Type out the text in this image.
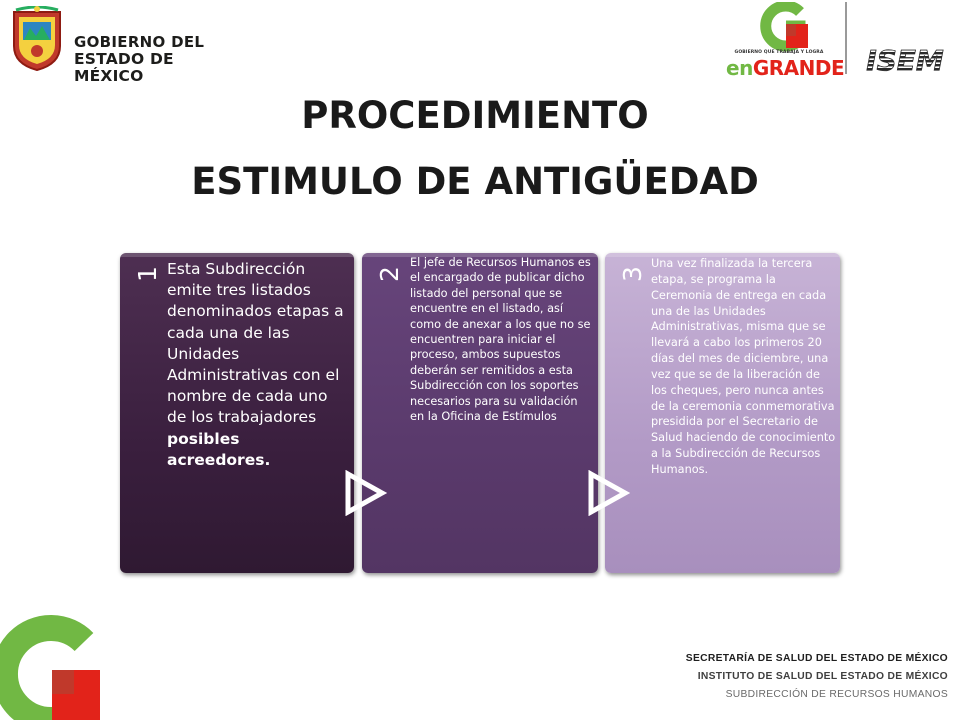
GOBIERNO DEL
ESTADO DE MÉXICO
GOBIERNO QUE TRABAJA Y LOGRA
enGRANDE ISEM
PROCEDIMIENTO
ESTIMULO DE ANTIGÜEDAD
1	2	3
Esta Subdirección emite tres listados denominados etapas a cada una de las Unidades Administrativas con el nombre de cada uno de los trabajadores posibles acreedores.
El jefe de Recursos Humanos es el encargado de publicar dicho listado del personal que se encuentre en el listado, así como de anexar a los que no se encuentren para iniciar el proceso, ambos supuestos deberán ser remitidos a esta Subdirección con los soportes necesarios para su validación en la Oficina de Estímulos
Una vez finalizada la tercera etapa, se programa la Ceremonia de entrega en cada una de las Unidades Administrativas, misma que se llevará a cabo los primeros 20 días del mes de diciembre, una vez que se de la liberación de los cheques, pero nunca antes de la ceremonia conmemorativa presidida por el Secretario de Salud haciendo de conocimiento a la Subdirección de Recursos Humanos.
SECRETARÍA DE SALUD DEL ESTADO DE MÉXICO
INSTITUTO DE SALUD DEL ESTADO DE MÉXICO
SUBDIRECCIÓN DE RECURSOS HUMANOS
